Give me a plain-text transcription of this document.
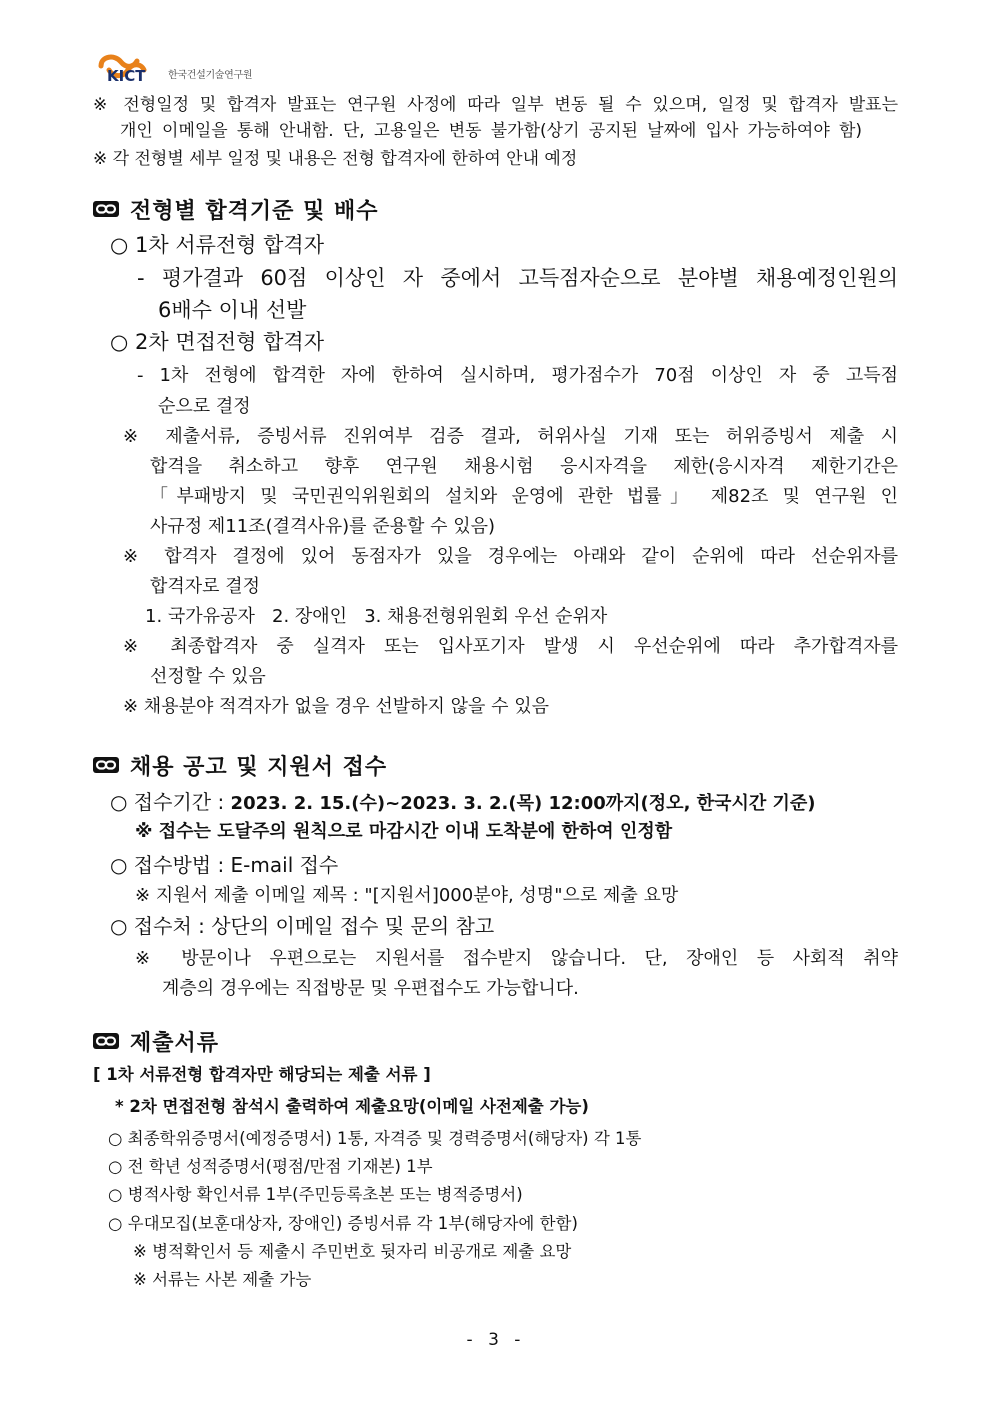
KICT 한국건설기술연구원
※ 전형일정 및 합격자 발표는 연구원 사정에 따라 일부 변동 될 수 있으며, 일정 및 합격자 발표는
개인 이메일을 통해 안내함. 단, 고용일은 변동 불가함(상기 공지된 날짜에 입사 가능하여야 함)
※ 각 전형별 세부 일정 및 내용은 전형 합격자에 한하여 안내 예정
전형별 합격기준 및 배수
○ 1차 서류전형 합격자
- 평가결과 60점 이상인 자 중에서 고득점자순으로 분야별 채용예정인원의
6배수 이내 선발
○ 2차 면접전형 합격자
- 1차 전형에 합격한 자에 한하여 실시하며, 평가점수가 70점 이상인 자 중 고득점
순으로 결정
※ 제출서류, 증빙서류 진위여부 검증 결과, 허위사실 기재 또는 허위증빙서 제출 시
합격을 취소하고 향후 연구원 채용시험 응시자격을 제한(응시자격 제한기간은
「부패방지 및 국민권익위원회의 설치와 운영에 관한 법률」 제82조 및 연구원 인
사규정 제11조(결격사유)를 준용할 수 있음)
※ 합격자 결정에 있어 동점자가 있을 경우에는 아래와 같이 순위에 따라 선순위자를
합격자로 결정
1. 국가유공자   2. 장애인   3. 채용전형위원회 우선 순위자
※ 최종합격자 중 실격자 또는 입사포기자 발생 시 우선순위에 따라 추가합격자를
선정할 수 있음
※ 채용분야 적격자가 없을 경우 선발하지 않을 수 있음
채용 공고 및 지원서 접수
○ 접수기간 : 2023. 2. 15.(수)~2023. 3. 2.(목) 12:00까지(정오, 한국시간 기준)
※ 접수는 도달주의 원칙으로 마감시간 이내 도착분에 한하여 인정함
○ 접수방법 : E-mail 접수
※ 지원서 제출 이메일 제목 : "[지원서]000분야, 성명"으로 제출 요망
○ 접수처 : 상단의 이메일 접수 및 문의 참고
※ 방문이나 우편으로는 지원서를 접수받지 않습니다. 단, 장애인 등 사회적 취약
계층의 경우에는 직접방문 및 우편접수도 가능합니다.
제출서류
[ 1차 서류전형 합격자만 해당되는 제출 서류 ]
* 2차 면접전형 참석시 출력하여 제출요망(이메일 사전제출 가능)
○ 최종학위증명서(예정증명서) 1통, 자격증 및 경력증명서(해당자) 각 1통
○ 전 학년 성적증명서(평점/만점 기재본) 1부
○ 병적사항 확인서류 1부(주민등록초본 또는 병적증명서)
○ 우대모집(보훈대상자, 장애인) 증빙서류 각 1부(해당자에 한함)
※ 병적확인서 등 제출시 주민번호 뒷자리 비공개로 제출 요망
※ 서류는 사본 제출 가능
- 3 -
